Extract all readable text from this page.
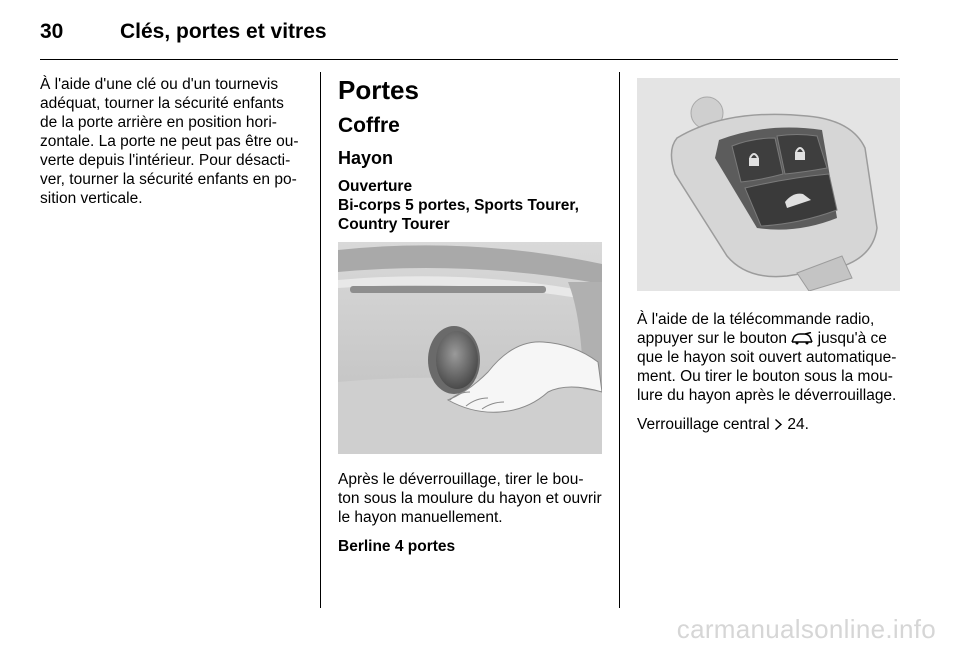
30	Clés, portes et vitres

À l'aide d'une clé ou d'un tournevis adéquat, tourner la sécurité enfants de la porte arrière en position hori-zontale. La porte ne peut pas être ou-verte depuis l'intérieur. Pour désacti-ver, tourner la sécurité enfants en po-sition verticale.

Portes
Coffre
Hayon
Ouverture
Bi-corps 5 portes, Sports Tourer, Country Tourer

Après le déverrouillage, tirer le bou-ton sous la moulure du hayon et ouvrir le hayon manuellement.

Berline 4 portes

À l'aide de la télécommande radio, appuyer sur le bouton jusqu'à ce que le hayon soit ouvert automatique-ment. Ou tirer le bouton sous la mou-lure du hayon après le déverrouillage.

Verrouillage central 24.

carmanualsonline.info
